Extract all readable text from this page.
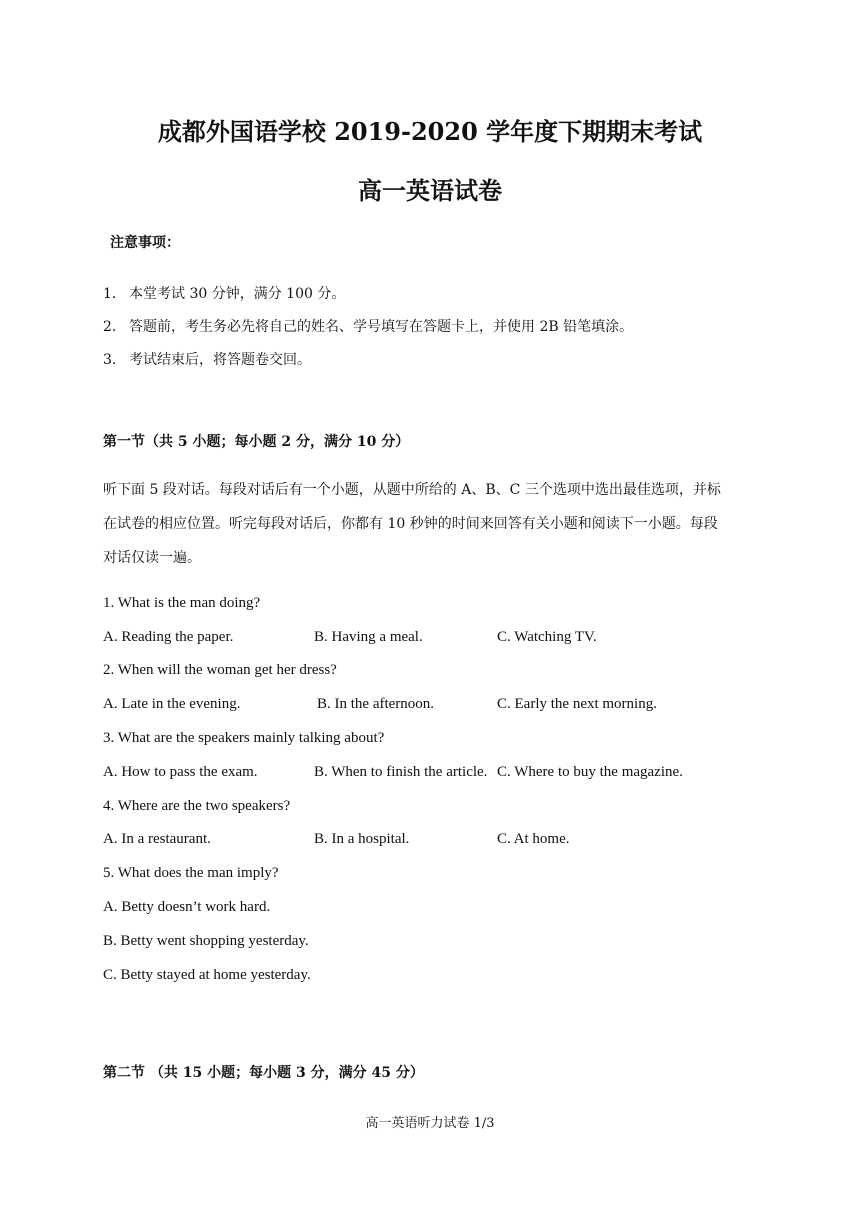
成都外国语学校 2019-2020 学年度下期期末考试
高一英语试卷
注意事项：
1. 本堂考试 30 分钟，满分 100 分。
2. 答题前，考生务必先将自己的姓名、学号填写在答题卡上，并使用 2B 铅笔填涂。
3. 考试结束后，将答题卷交回。
第一节（共 5 小题；每小题 2 分，满分 10 分）
听下面 5 段对话。每段对话后有一个小题，从题中所给的 A、B、C 三个选项中选出最佳选项，并标
在试卷的相应位置。听完每段对话后，你都有 10 秒钟的时间来回答有关小题和阅读下一小题。每段
对话仅读一遍。
1. What is the man doing?
A. Reading the paper.	B. Having a meal.	C. Watching TV.
2. When will the woman get her dress?
A. Late in the evening.	B. In the afternoon.	C. Early the next morning.
3. What are the speakers mainly talking about?
A. How to pass the exam.	B. When to finish the article. C. Where to buy the magazine.
4. Where are the two speakers?
A. In a restaurant.	B. In a hospital.	C. At home.
5. What does the man imply?
A. Betty doesn’t work hard.
B. Betty went shopping yesterday.
C. Betty stayed at home yesterday.
第二节 （共 15 小题；每小题 3 分，满分 45 分）
高一英语听力试卷 1/3
